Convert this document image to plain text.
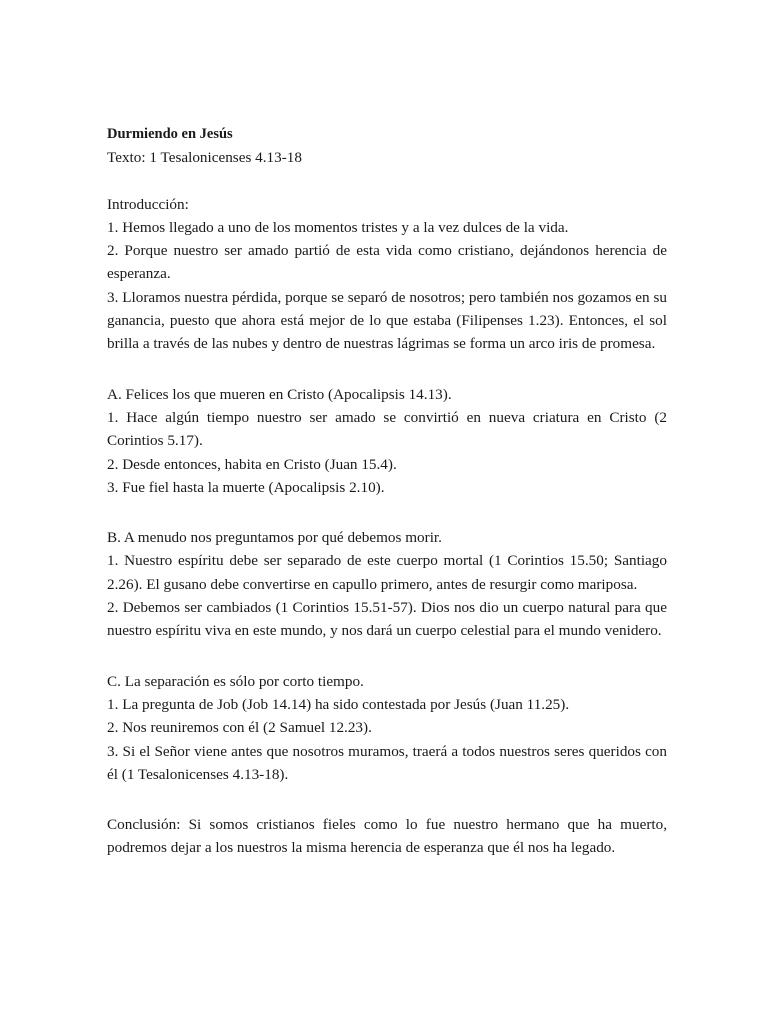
Durmiendo en Jesús

Texto: 1 Tesalonicenses 4.13-18

Introducción:

1. Hemos llegado a uno de los momentos tristes y a la vez dulces de la vida.

2. Porque nuestro ser amado partió de esta vida como cristiano, dejándonos herencia de esperanza.

3. Lloramos nuestra pérdida, porque se separó de nosotros; pero también nos gozamos en su ganancia, puesto que ahora está mejor de lo que estaba (Filipenses 1.23). Entonces, el sol brilla a través de las nubes y dentro de nuestras lágrimas se forma un arco iris de promesa.

A. Felices los que mueren en Cristo (Apocalipsis 14.13).

1. Hace algún tiempo nuestro ser amado se convirtió en nueva criatura en Cristo (2 Corintios 5.17).

2. Desde entonces, habita en Cristo (Juan 15.4).

3. Fue fiel hasta la muerte (Apocalipsis 2.10).

B. A menudo nos preguntamos por qué debemos morir.

1. Nuestro espíritu debe ser separado de este cuerpo mortal (1 Corintios 15.50; Santiago 2.26). El gusano debe convertirse en capullo primero, antes de resurgir como mariposa.

2. Debemos ser cambiados (1 Corintios 15.51-57). Dios nos dio un cuerpo natural para que nuestro espíritu viva en este mundo, y nos dará un cuerpo celestial para el mundo venidero.

C. La separación es sólo por corto tiempo.

1. La pregunta de Job (Job 14.14) ha sido contestada por Jesús (Juan 11.25).

2. Nos reuniremos con él (2 Samuel 12.23).

3. Si el Señor viene antes que nosotros muramos, traerá a todos nuestros seres queridos con él (1 Tesalonicenses 4.13-18).

Conclusión: Si somos cristianos fieles como lo fue nuestro hermano que ha muerto, podremos dejar a los nuestros la misma herencia de esperanza que él nos ha legado.
